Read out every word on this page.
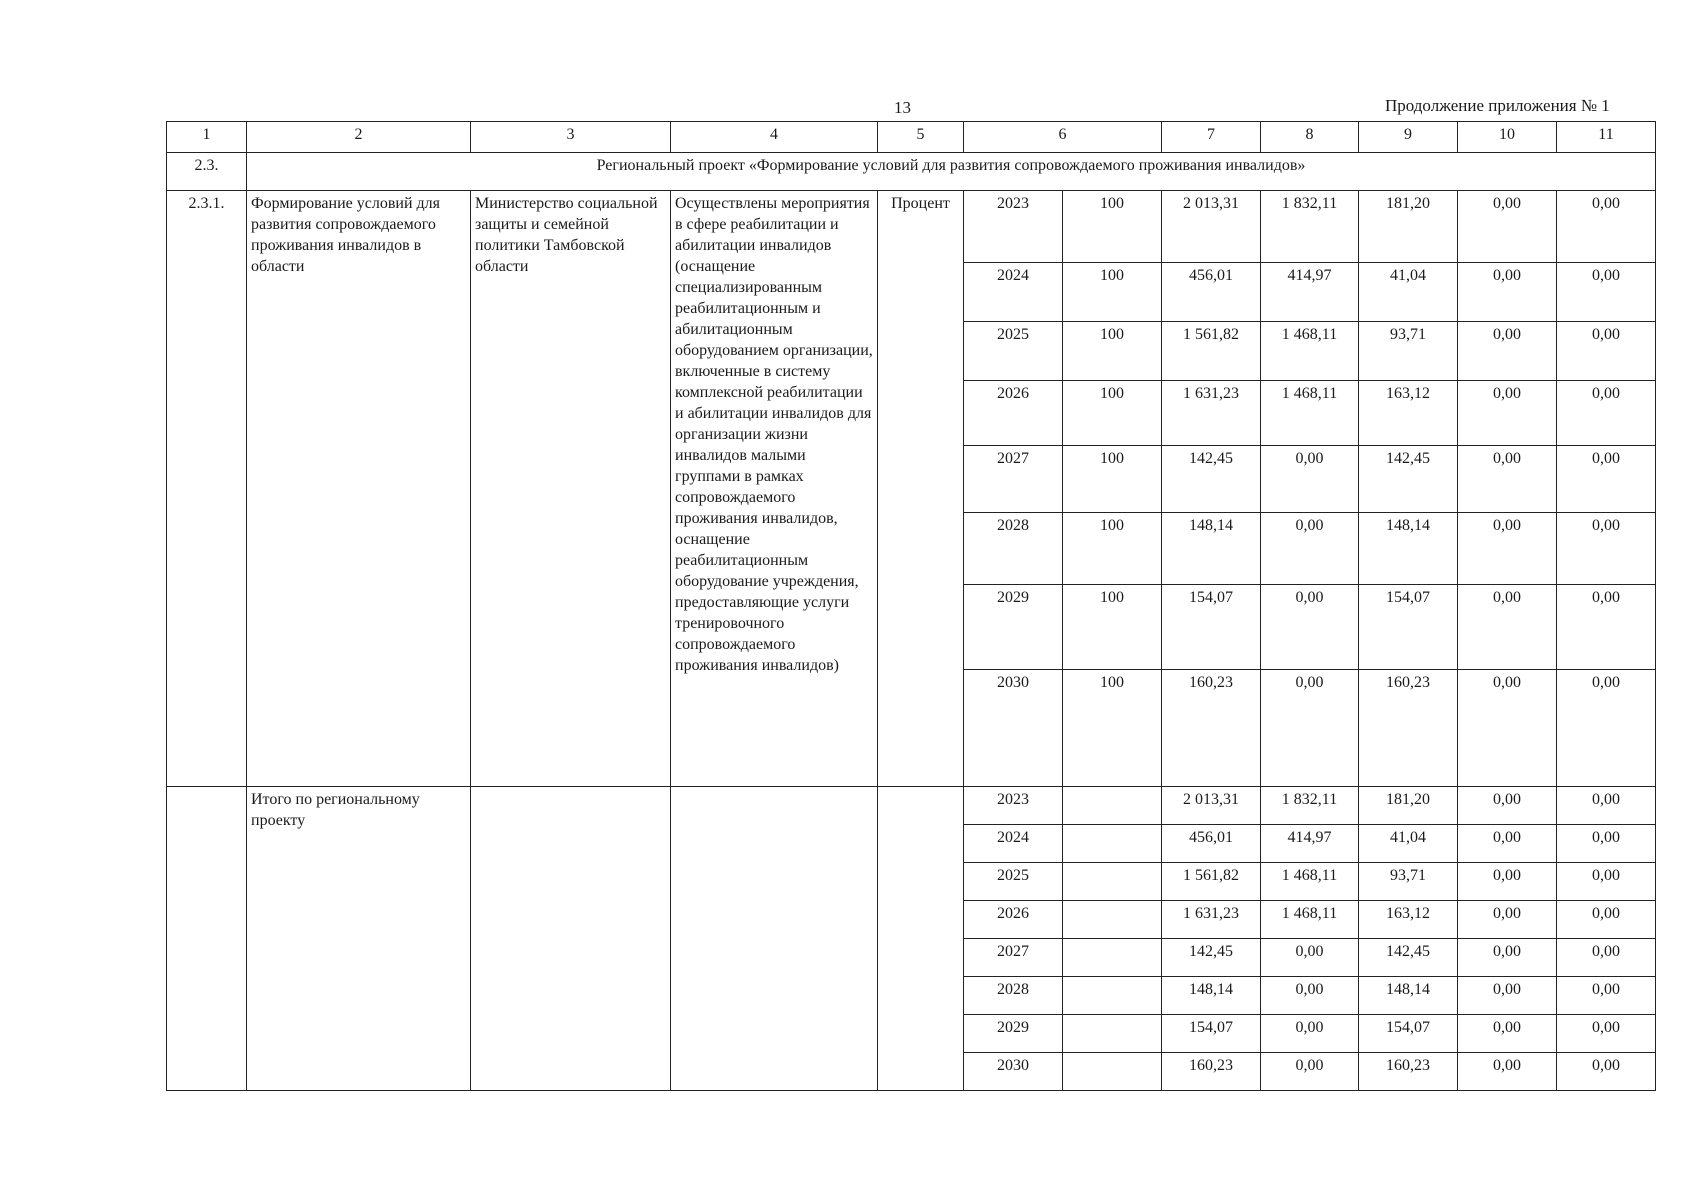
13	Продолжение приложения № 1
1	2	3	4	5	6		7	8	9	10	11
2.3.	Региональный проект «Формирование условий для развития сопровождаемого проживания инвалидов»										
2.3.1.	Формирование условий для развития сопровождаемого проживания инвалидов в области	Министерство социальной защиты и семейной политики Тамбовской области	Осуществлены мероприятия в сфере реабилитации и абилитации инвалидов (оснащение специализированным реабилитационным и абилитационным оборудованием организации, включенные в систему комплексной реабилитации и абилитации инвалидов для организации жизни инвалидов малыми группами в рамках сопровождаемого проживания инвалидов, оснащение реабилитационным оборудование учреждения, предоставляющие услуги тренировочного сопровождаемого проживания инвалидов)	Процент	2023	100	2 013,31	1 832,11	181,20	0,00	0,00
					2024	100	456,01	414,97	41,04	0,00	0,00
					2025	100	1 561,82	1 468,11	93,71	0,00	0,00
					2026	100	1 631,23	1 468,11	163,12	0,00	0,00
					2027	100	142,45	0,00	142,45	0,00	0,00
					2028	100	148,14	0,00	148,14	0,00	0,00
					2029	100	154,07	0,00	154,07	0,00	0,00
					2030	100	160,23	0,00	160,23	0,00	0,00
	Итого по региональному проекту				2023		2 013,31	1 832,11	181,20	0,00	0,00
					2024		456,01	414,97	41,04	0,00	0,00
					2025		1 561,82	1 468,11	93,71	0,00	0,00
					2026		1 631,23	1 468,11	163,12	0,00	0,00
					2027		142,45	0,00	142,45	0,00	0,00
					2028		148,14	0,00	148,14	0,00	0,00
					2029		154,07	0,00	154,07	0,00	0,00
					2030		160,23	0,00	160,23	0,00	0,00
